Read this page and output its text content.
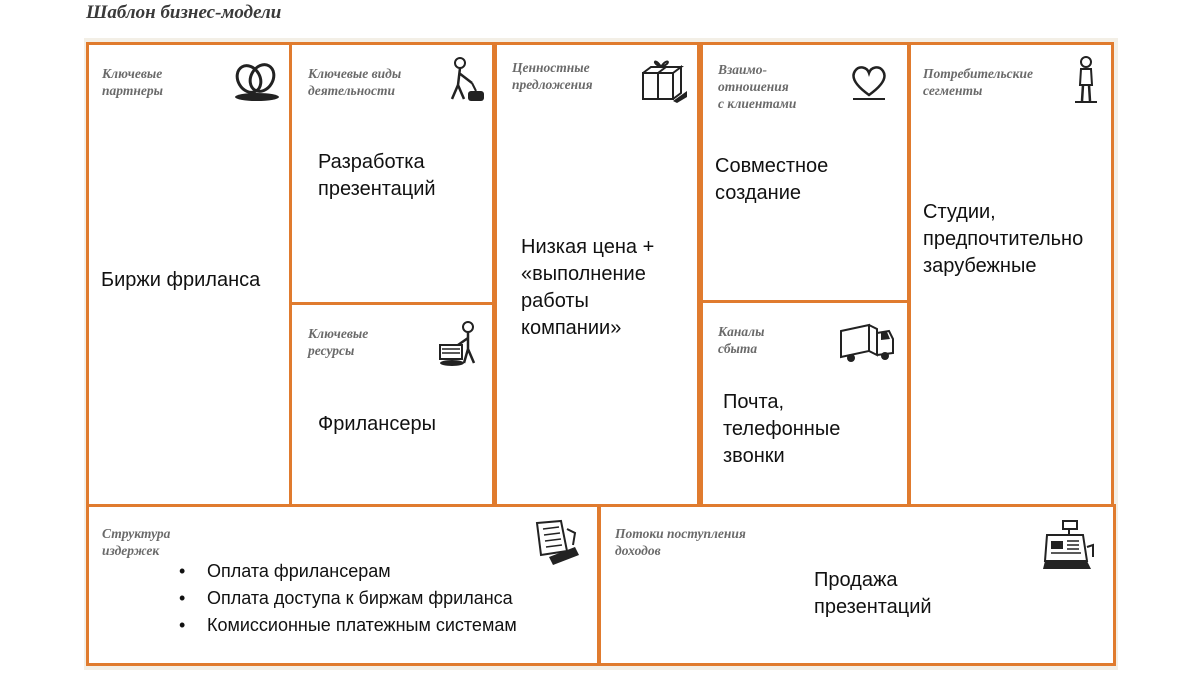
Шаблон бизнес-модели
Ключевые
партнеры
Биржи фриланса
Ключевые виды
деятельности
Разработка
презентаций
Ключевые
ресурсы
Фрилансеры
Ценностные
предложения
Низкая цена +
«выполнение
работы
компании»
Взаимо-
отношения
с клиентами
Совместное
создание
Каналы
сбыта
Почта,
телефонные
звонки
Потребительские
сегменты
Студии,
предпочтительно
зарубежные
Структура
издержек
• Оплата фрилансерам
• Оплата доступа к биржам фриланса
• Комиссионные платежным системам
Потоки поступления
доходов
Продажа
презентаций
